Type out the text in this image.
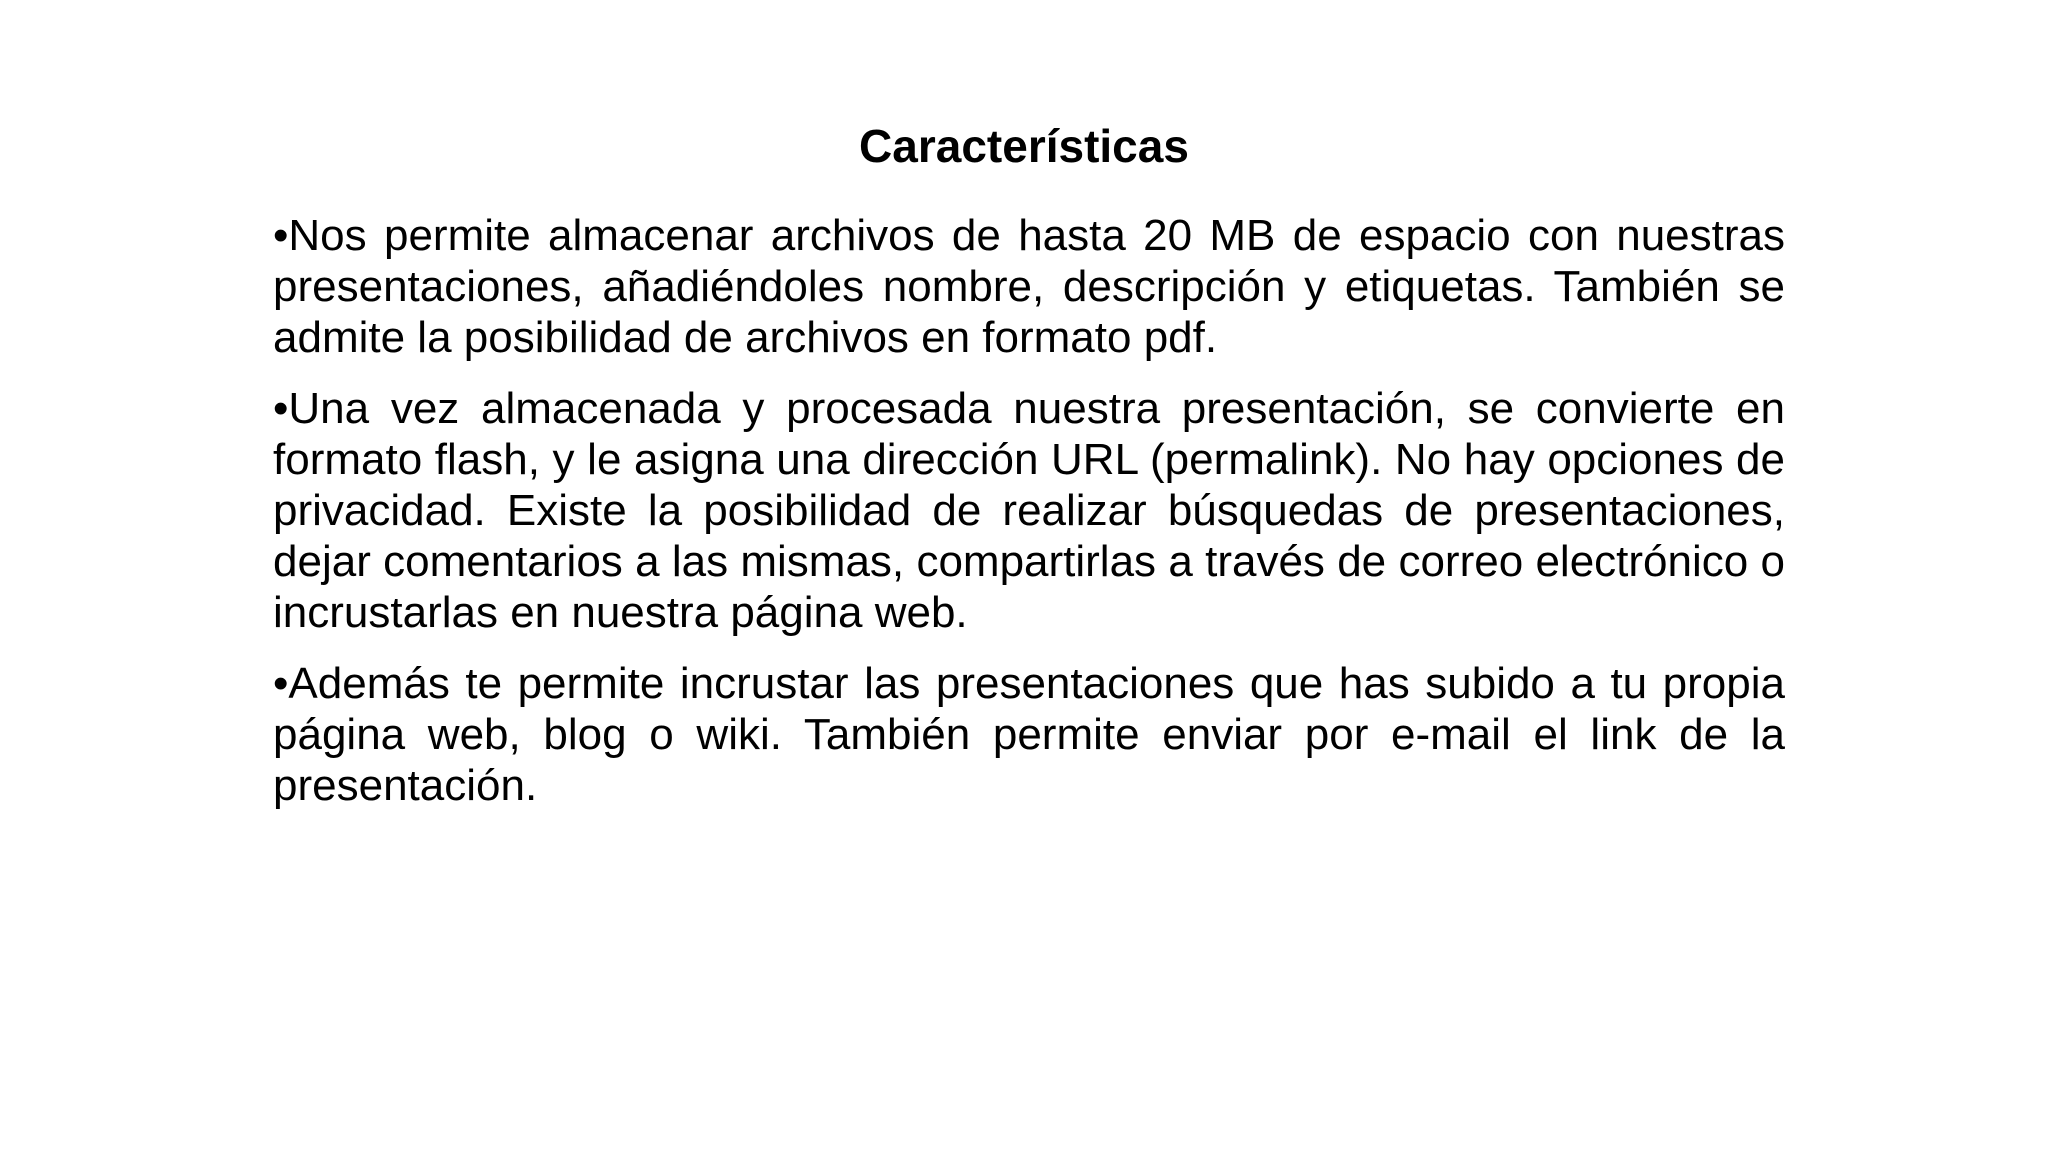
Características

•Nos permite almacenar archivos de hasta 20 MB de espacio con nuestras presentaciones, añadiéndoles nombre, descripción y etiquetas. También se admite la posibilidad de archivos en formato pdf.

•Una vez almacenada y procesada nuestra presentación, se convierte en formato flash, y le asigna una dirección URL (permalink). No hay opciones de privacidad. Existe la posibilidad de realizar búsquedas de presentaciones, dejar comentarios a las mismas, compartirlas a través de correo electrónico o incrustarlas en nuestra página web.

•Además te permite incrustar las presentaciones que has subido a tu propia página web, blog o wiki. También permite enviar por e-mail el link de la presentación.
